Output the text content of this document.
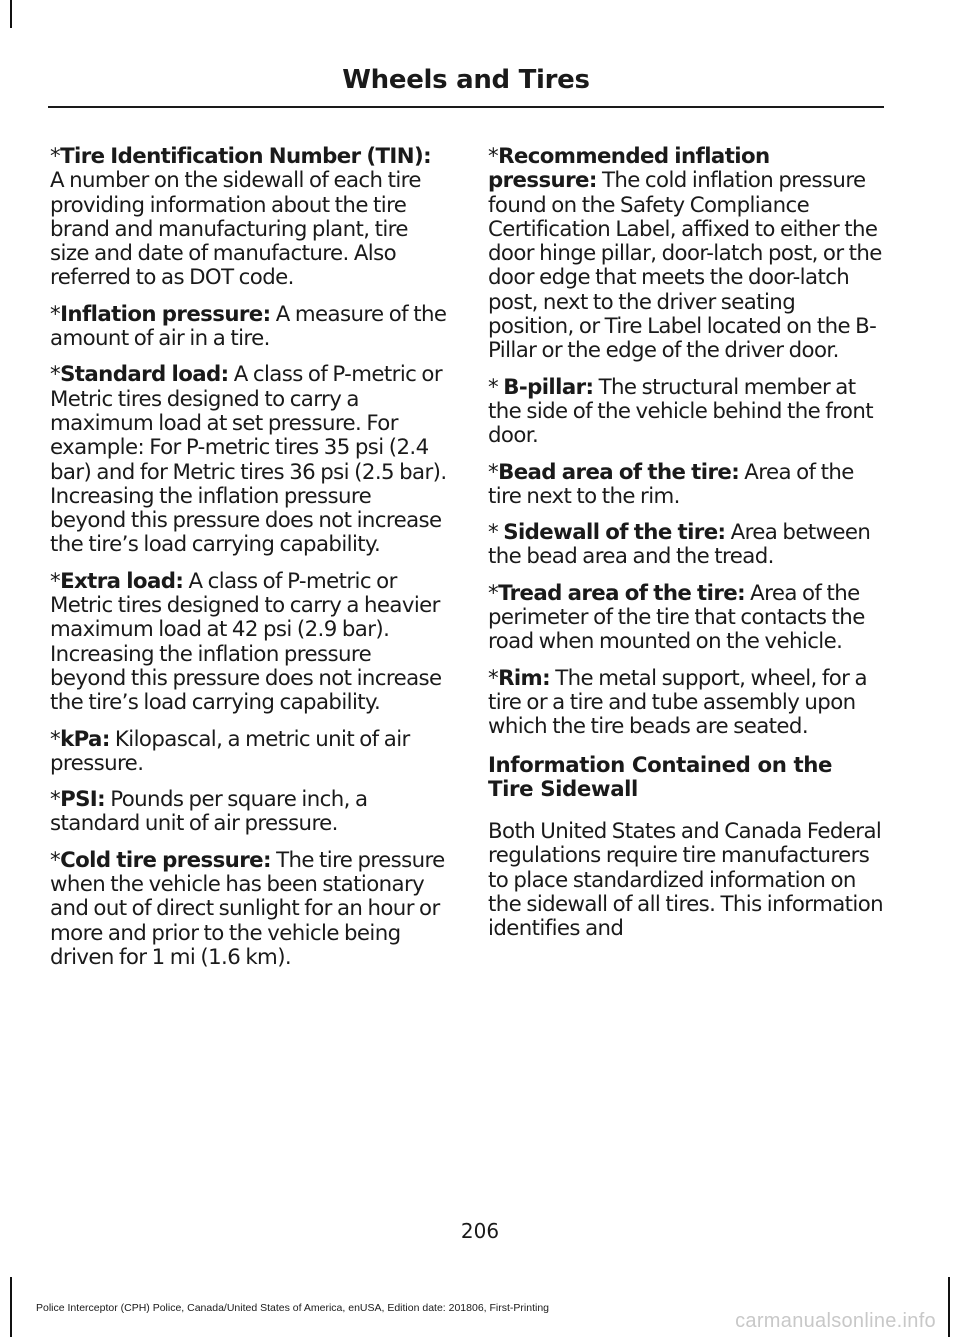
Wheels and Tires

*Tire Identification Number (TIN): A number on the sidewall of each tire providing information about the tire brand and manufacturing plant, tire size and date of manufacture. Also referred to as DOT code.

*Inflation pressure: A measure of the amount of air in a tire.

*Standard load: A class of P-metric or Metric tires designed to carry a maximum load at set pressure. For example: For P-metric tires 35 psi (2.4 bar) and for Metric tires 36 psi (2.5 bar). Increasing the inflation pressure beyond this pressure does not increase the tire’s load carrying capability.

*Extra load: A class of P-metric or Metric tires designed to carry a heavier maximum load at 42 psi (2.9 bar). Increasing the inflation pressure beyond this pressure does not increase the tire’s load carrying capability.

*kPa: Kilopascal, a metric unit of air pressure.

*PSI: Pounds per square inch, a standard unit of air pressure.

*Cold tire pressure: The tire pressure when the vehicle has been stationary and out of direct sunlight for an hour or more and prior to the vehicle being driven for 1 mi (1.6 km).

*Recommended inflation pressure: The cold inflation pressure found on the Safety Compliance Certification Label, affixed to either the door hinge pillar, door-latch post, or the door edge that meets the door-latch post, next to the driver seating position, or Tire Label located on the B-Pillar or the edge of the driver door.

* B-pillar: The structural member at the side of the vehicle behind the front door.

*Bead area of the tire: Area of the tire next to the rim.

* Sidewall of the tire: Area between the bead area and the tread.

*Tread area of the tire: Area of the perimeter of the tire that contacts the road when mounted on the vehicle.

*Rim: The metal support, wheel, for a tire or a tire and tube assembly upon which the tire beads are seated.

Information Contained on the Tire Sidewall

Both United States and Canada Federal regulations require tire manufacturers to place standardized information on the sidewall of all tires. This information identifies and

206
Police Interceptor (CPH) Police, Canada/United States of America, enUSA, Edition date: 201806, First-Printing
carmanualsonline.info
